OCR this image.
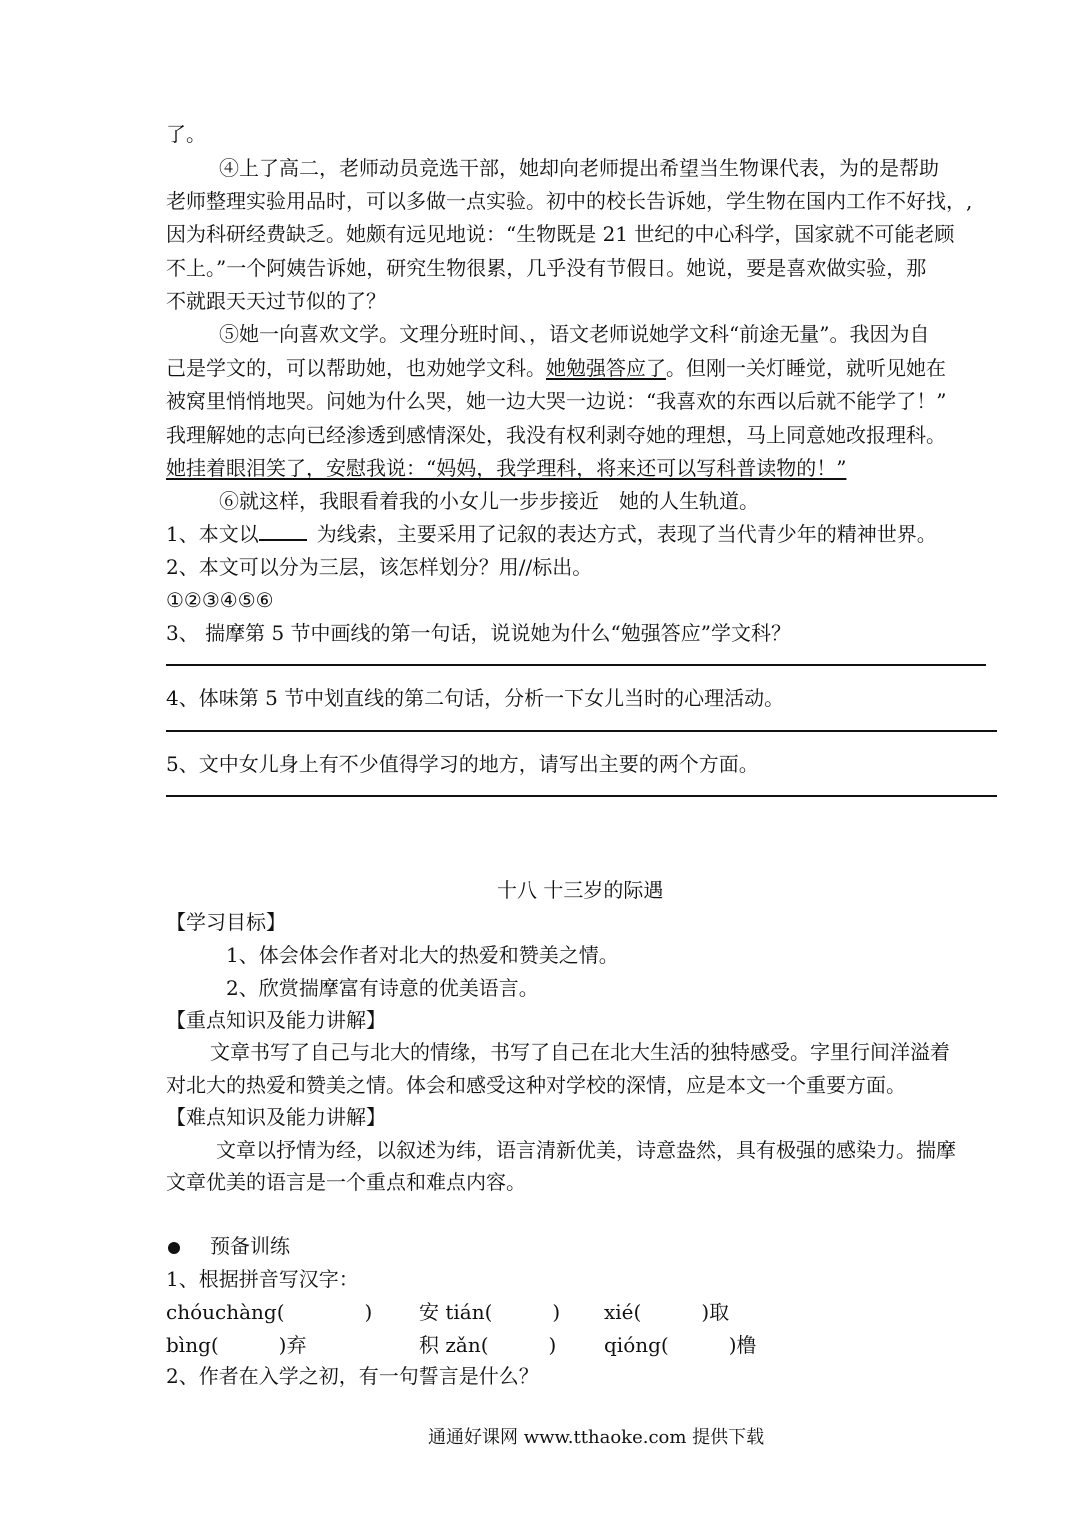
了。
④上了高二，老师动员竞选干部，她却向老师提出希望当生物课代表，为的是帮助
老师整理实验用品时，可以多做一点实验。初中的校长告诉她，学生物在国内工作不好找，,
因为科研经费缺乏。她颇有远见地说：“生物既是 21 世纪的中心科学，国家就不可能老顾
不上。”一个阿姨告诉她，研究生物很累，几乎没有节假日。她说，要是喜欢做实验，那
不就跟天天过节似的了？
⑤她一向喜欢文学。文理分班时间、，语文老师说她学文科“前途无量”。我因为自
己是学文的，可以帮助她，也劝她学文科。她勉强答应了。但刚一关灯睡觉，就听见她在
被窝里悄悄地哭。问她为什么哭，她一边大哭一边说：“我喜欢的东西以后就不能学了！”
我理解她的志向已经渗透到感情深处，我没有权利剥夺她的理想，马上同意她改报理科。
她挂着眼泪笑了，安慰我说：“妈妈，我学理科，将来还可以写科普读物的！”
⑥就这样，我眼看着我的小女儿一步步接近　她的人生轨道。
1、本文以	为线索，主要采用了记叙的表达方式，表现了当代青少年的精神世界。
2、本文可以分为三层，该怎样划分？用//标出。
①②③④⑤⑥
3、 揣摩第 5 节中画线的第一句话，说说她为什么“勉强答应”学文科？
4、体味第 5 节中划直线的第二句话，分析一下女儿当时的心理活动。
5、文中女儿身上有不少值得学习的地方，请写出主要的两个方面。
十八 十三岁的际遇
【学习目标】
1、体会体会作者对北大的热爱和赞美之情。
2、欣赏揣摩富有诗意的优美语言。
【重点知识及能力讲解】
文章书写了自己与北大的情缘，书写了自己在北大生活的独特感受。字里行间洋溢着
对北大的热爱和赞美之情。体会和感受这种对学校的深情，应是本文一个重要方面。
【难点知识及能力讲解】
文章以抒情为经，以叙述为纬，语言清新优美，诗意盎然，具有极强的感染力。揣摩
文章优美的语言是一个重点和难点内容。
预备训练
1、根据拼音写汉字：
chóuchàng(　　　　) 安 tián(　　　) xié(　　　)取
bìng(　　　)弃	积 zǎn(　　　) qióng(　　　)橹
2、作者在入学之初，有一句誓言是什么？
通通好课网 www.tthaoke.com 提供下载
